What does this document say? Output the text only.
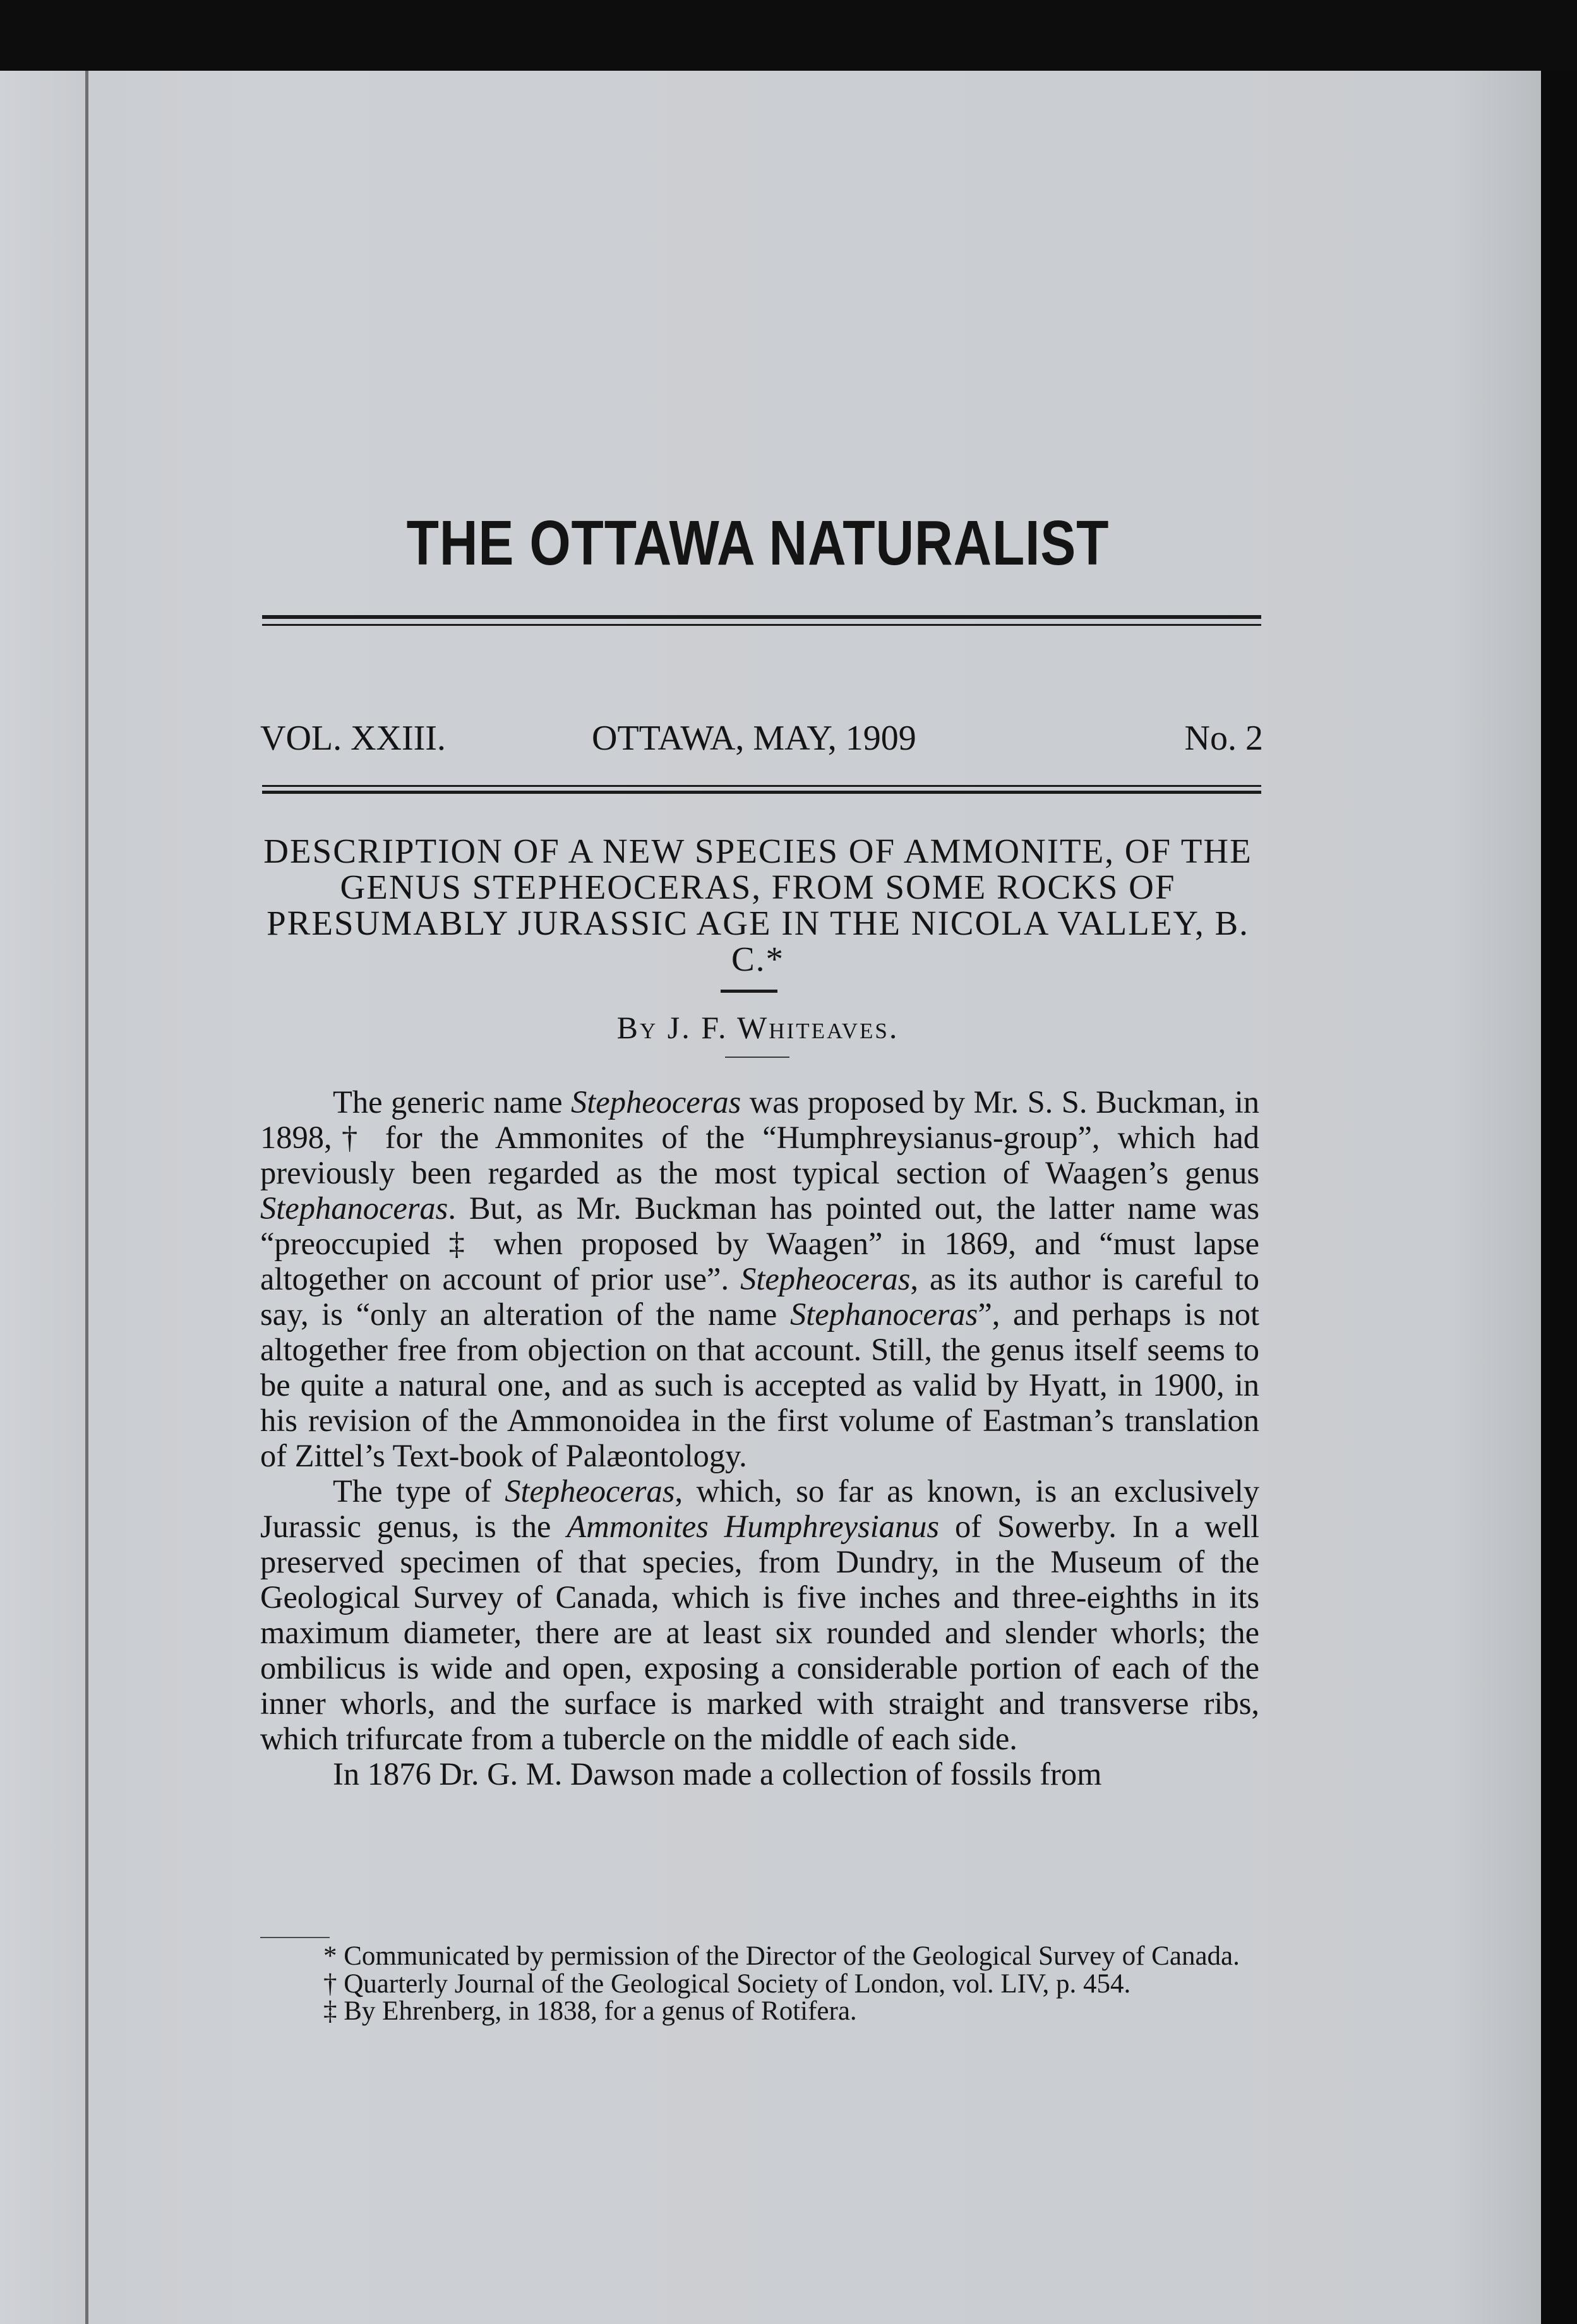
THE OTTAWA NATURALIST
VOL. XXIII.	OTTAWA, MAY, 1909	No. 2
DESCRIPTION OF A NEW SPECIES OF AMMONITE, OF THE GENUS STEPHEOCERAS, FROM SOME ROCKS OF PRESUMABLY JURASSIC AGE IN THE NICOLA VALLEY, B. C.*
By J. F. Whiteaves.

The generic name Stepheoceras was proposed by Mr. S. S. Buckman, in 1898,† for the Ammonites of the “Humphreysianus-group”, which had previously been regarded as the most typical section of Waagen’s genus Stephanoceras. But, as Mr. Buckman has pointed out, the latter name was “preoccupied ‡ when proposed by Waagen” in 1869, and “must lapse altogether on account of prior use”. Stepheoceras, as its author is careful to say, is “only an alteration of the name Stephanoceras”, and perhaps is not altogether free from objection on that account. Still, the genus itself seems to be quite a natural one, and as such is accepted as valid by Hyatt, in 1900, in his revision of the Ammonoidea in the first volume of Eastman’s translation of Zittel’s Text-book of Palæontology.

The type of Stepheoceras, which, so far as known, is an exclusively Jurassic genus, is the Ammonites Humphreysianus of Sowerby. In a well preserved specimen of that species, from Dundry, in the Museum of the Geological Survey of Canada, which is five inches and three-eighths in its maximum diameter, there are at least six rounded and slender whorls; the ombilicus is wide and open, exposing a considerable portion of each of the inner whorls, and the surface is marked with straight and transverse ribs, which trifurcate from a tubercle on the middle of each side.

In 1876 Dr. G. M. Dawson made a collection of fossils from

* Communicated by permission of the Director of the Geological Survey of Canada.

† Quarterly Journal of the Geological Society of London, vol. LIV, p. 454.

‡ By Ehrenberg, in 1838, for a genus of Rotifera.
